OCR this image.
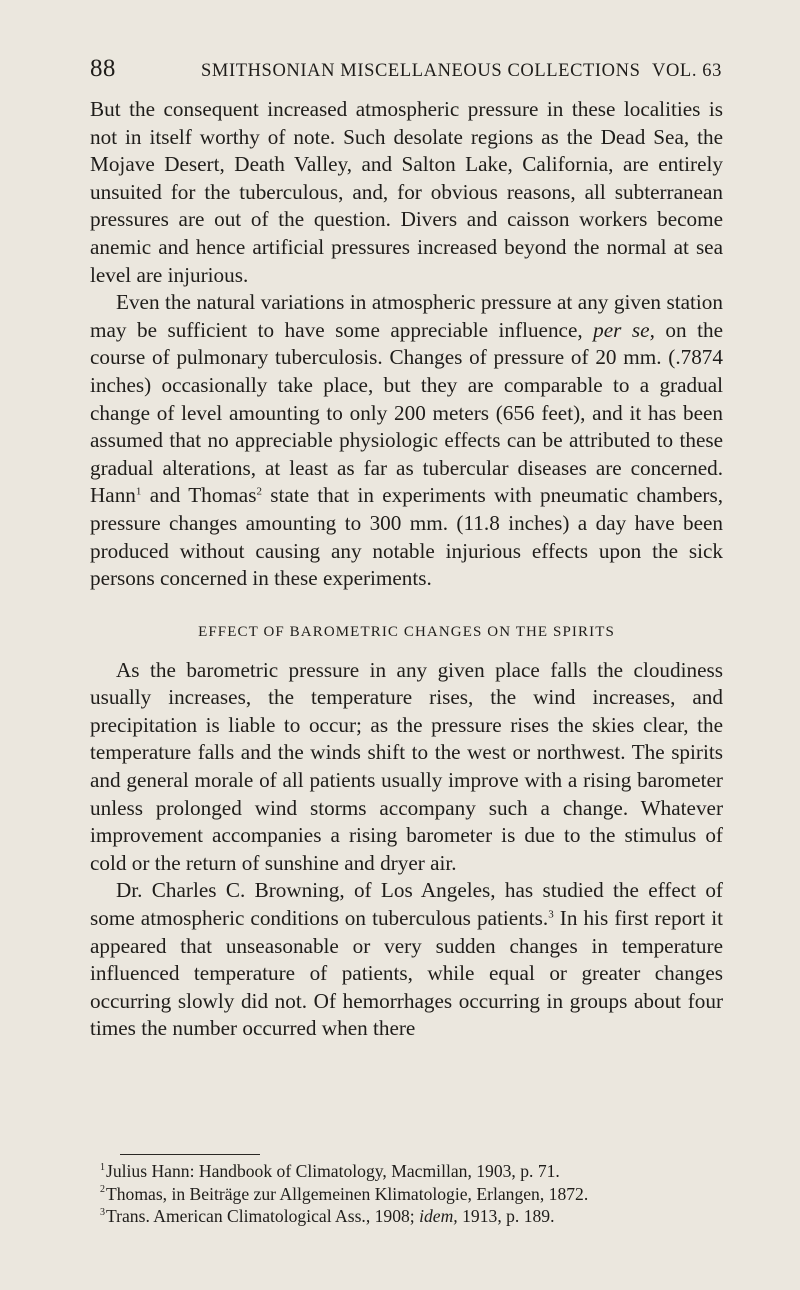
88	SMITHSONIAN MISCELLANEOUS COLLECTIONS VOL. 63

But the consequent increased atmospheric pressure in these localities is not in itself worthy of note. Such desolate regions as the Dead Sea, the Mojave Desert, Death Valley, and Salton Lake, California, are entirely unsuited for the tuberculous, and, for obvious reasons, all subterranean pressures are out of the question. Divers and caisson workers become anemic and hence artificial pressures increased beyond the normal at sea level are injurious.

Even the natural variations in atmospheric pressure at any given station may be sufficient to have some appreciable influence, per se, on the course of pulmonary tuberculosis. Changes of pressure of 20 mm. (.7874 inches) occasionally take place, but they are comparable to a gradual change of level amounting to only 200 meters (656 feet), and it has been assumed that no appreciable physiologic effects can be attributed to these gradual alterations, at least as far as tubercular diseases are concerned. Hann$^1$ and Thomas$^2$ state that in experiments with pneumatic chambers, pressure changes amounting to 300 mm. (11.8 inches) a day have been produced without causing any notable injurious effects upon the sick persons concerned in these experiments.

EFFECT OF BAROMETRIC CHANGES ON THE SPIRITS

As the barometric pressure in any given place falls the cloudiness usually increases, the temperature rises, the wind increases, and precipitation is liable to occur; as the pressure rises the skies clear, the temperature falls and the winds shift to the west or northwest. The spirits and general morale of all patients usually improve with a rising barometer unless prolonged wind storms accompany such a change. Whatever improvement accompanies a rising barometer is due to the stimulus of cold or the return of sunshine and dryer air.

Dr. Charles C. Browning, of Los Angeles, has studied the effect of some atmospheric conditions on tuberculous patients.$^3$ In his first report it appeared that unseasonable or very sudden changes in temperature influenced temperature of patients, while equal or greater changes occurring slowly did not. Of hemorrhages occurring in groups about four times the number occurred when there

$^1$Julius Hann: Handbook of Climatology, Macmillan, 1903, p. 71.
$^2$Thomas, in Beiträge zur Allgemeinen Klimatologie, Erlangen, 1872.
$^3$Trans. American Climatological Ass., 1908; idem, 1913, p. 189.
